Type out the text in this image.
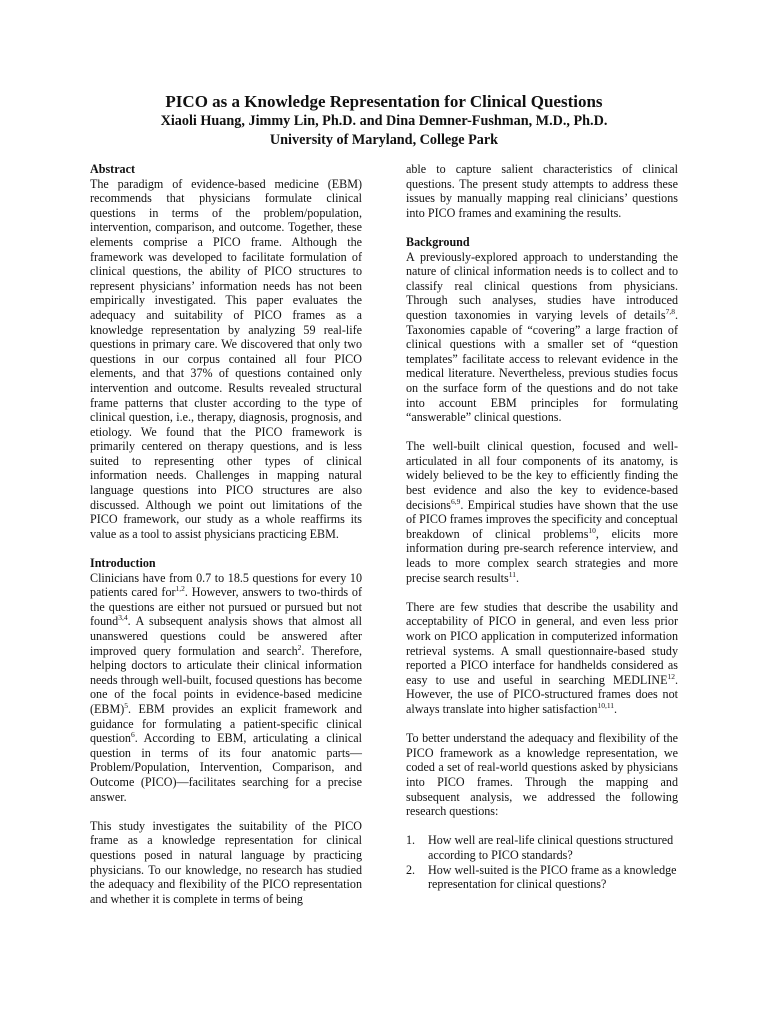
PICO as a Knowledge Representation for Clinical Questions

Xiaoli Huang, Jimmy Lin, Ph.D. and Dina Demner-Fushman, M.D., Ph.D.

University of Maryland, College Park

Abstract

The paradigm of evidence-based medicine (EBM) recommends that physicians formulate clinical questions in terms of the problem/population, intervention, comparison, and outcome. Together, these elements comprise a PICO frame. Although the framework was developed to facilitate formulation of clinical questions, the ability of PICO structures to represent physicians’ information needs has not been empirically investigated. This paper evaluates the adequacy and suitability of PICO frames as a knowledge representation by analyzing 59 real-life questions in primary care. We discovered that only two questions in our corpus contained all four PICO elements, and that 37% of questions contained only intervention and outcome. Results revealed structural frame patterns that cluster according to the type of clinical question, i.e., therapy, diagnosis, prognosis, and etiology. We found that the PICO framework is primarily centered on therapy questions, and is less suited to representing other types of clinical information needs. Challenges in mapping natural language questions into PICO structures are also discussed. Although we point out limitations of the PICO framework, our study as a whole reaffirms its value as a tool to assist physicians practicing EBM.

Introduction

Clinicians have from 0.7 to 18.5 questions for every 10 patients cared for$^{1,2}$. However, answers to two-thirds of the questions are either not pursued or pursued but not found$^{3,4}$. A subsequent analysis shows that almost all unanswered questions could be answered after improved query formulation and search$^2$. Therefore, helping doctors to articulate their clinical information needs through well-built, focused questions has become one of the focal points in evidence-based medicine (EBM)$^5$. EBM provides an explicit framework and guidance for formulating a patient-specific clinical question$^6$. According to EBM, articulating a clinical question in terms of its four anatomic parts—Problem/Population, Intervention, Comparison, and Outcome (PICO)—facilitates searching for a precise answer.

This study investigates the suitability of the PICO frame as a knowledge representation for clinical questions posed in natural language by practicing physicians. To our knowledge, no research has studied the adequacy and flexibility of the PICO representation and whether it is complete in terms of being

able to capture salient characteristics of clinical questions. The present study attempts to address these issues by manually mapping real clinicians’ questions into PICO frames and examining the results.

Background

A previously-explored approach to understanding the nature of clinical information needs is to collect and to classify real clinical questions from physicians. Through such analyses, studies have introduced question taxonomies in varying levels of details$^{7,8}$. Taxonomies capable of “covering” a large fraction of clinical questions with a smaller set of “question templates” facilitate access to relevant evidence in the medical literature. Nevertheless, previous studies focus on the surface form of the questions and do not take into account EBM principles for formulating “answerable” clinical questions.

The well-built clinical question, focused and well-articulated in all four components of its anatomy, is widely believed to be the key to efficiently finding the best evidence and also the key to evidence-based decisions$^{6,9}$. Empirical studies have shown that the use of PICO frames improves the specificity and conceptual breakdown of clinical problems$^{10}$, elicits more information during pre-search reference interview, and leads to more complex search strategies and more precise search results$^{11}$.

There are few studies that describe the usability and acceptability of PICO in general, and even less prior work on PICO application in computerized information retrieval systems. A small questionnaire-based study reported a PICO interface for handhelds considered as easy to use and useful in searching MEDLINE$^{12}$. However, the use of PICO-structured frames does not always translate into higher satisfaction$^{10,11}$.

To better understand the adequacy and flexibility of the PICO framework as a knowledge representation, we coded a set of real-world questions asked by physicians into PICO frames. Through the mapping and subsequent analysis, we addressed the following research questions:

1. How well are real-life clinical questions structured according to PICO standards?
2. How well-suited is the PICO frame as a knowledge representation for clinical questions?
